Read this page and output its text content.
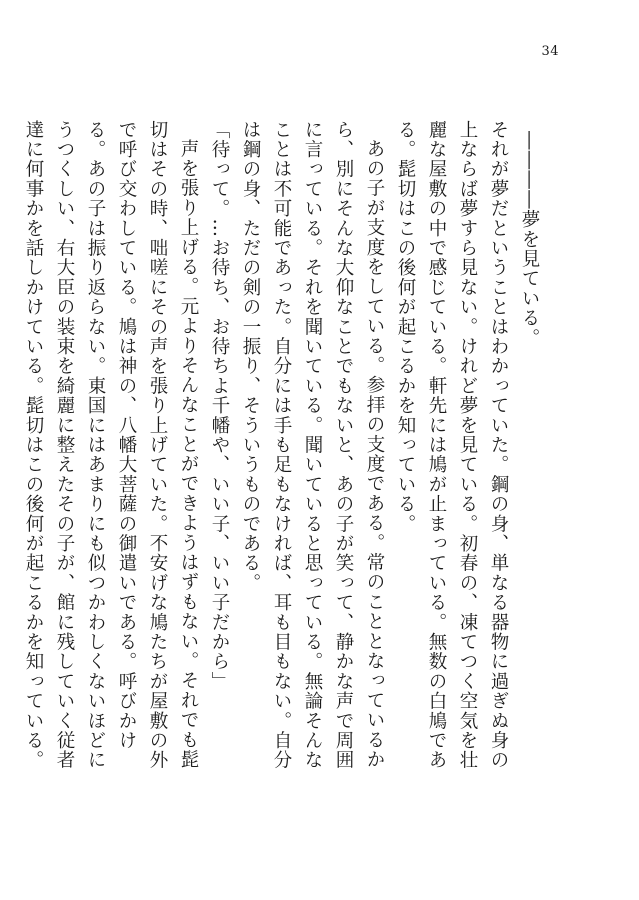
34

――――夢を見ている。

それが夢だということはわかっていた。鋼の身、単なる器物に過ぎぬ身の上ならば夢すら見ない。けれど夢を見ている。初春の、凍てつく空気を壮麗な屋敷の中で感じている。軒先には鳩が止まっている。無数の白鳩である。髭切はこの後何が起こるかを知っている。

あの子が支度をしている。参拝の支度である。常のこととなっているから、別にそんな大仰なことでもないと、あの子が笑って、静かな声で周囲に言っている。それを聞いている。聞いていると思っている。無論そんなことは不可能であった。自分には手も足もなければ、耳も目もない。自分は鋼の身、ただの剣の一振り、そういうものである。

「待って。…お待ち、お待ちよ千幡や、いい子、いい子だから」

声を張り上げる。元よりそんなことができようはずもない。それでも髭切はその時、咄嗟にその声を張り上げていた。不安げな鳩たちが屋敷の外で呼び交わしている。鳩は神の、八幡大菩薩の御遣いである。呼びかける。あの子は振り返らない。東国にはあまりにも似つかわしくないほどにうつくしい、右大臣の装束を綺麗に整えたその子が、館に残していく従者達に何事かを話しかけている。髭切はこの後何が起こるかを知っている。
